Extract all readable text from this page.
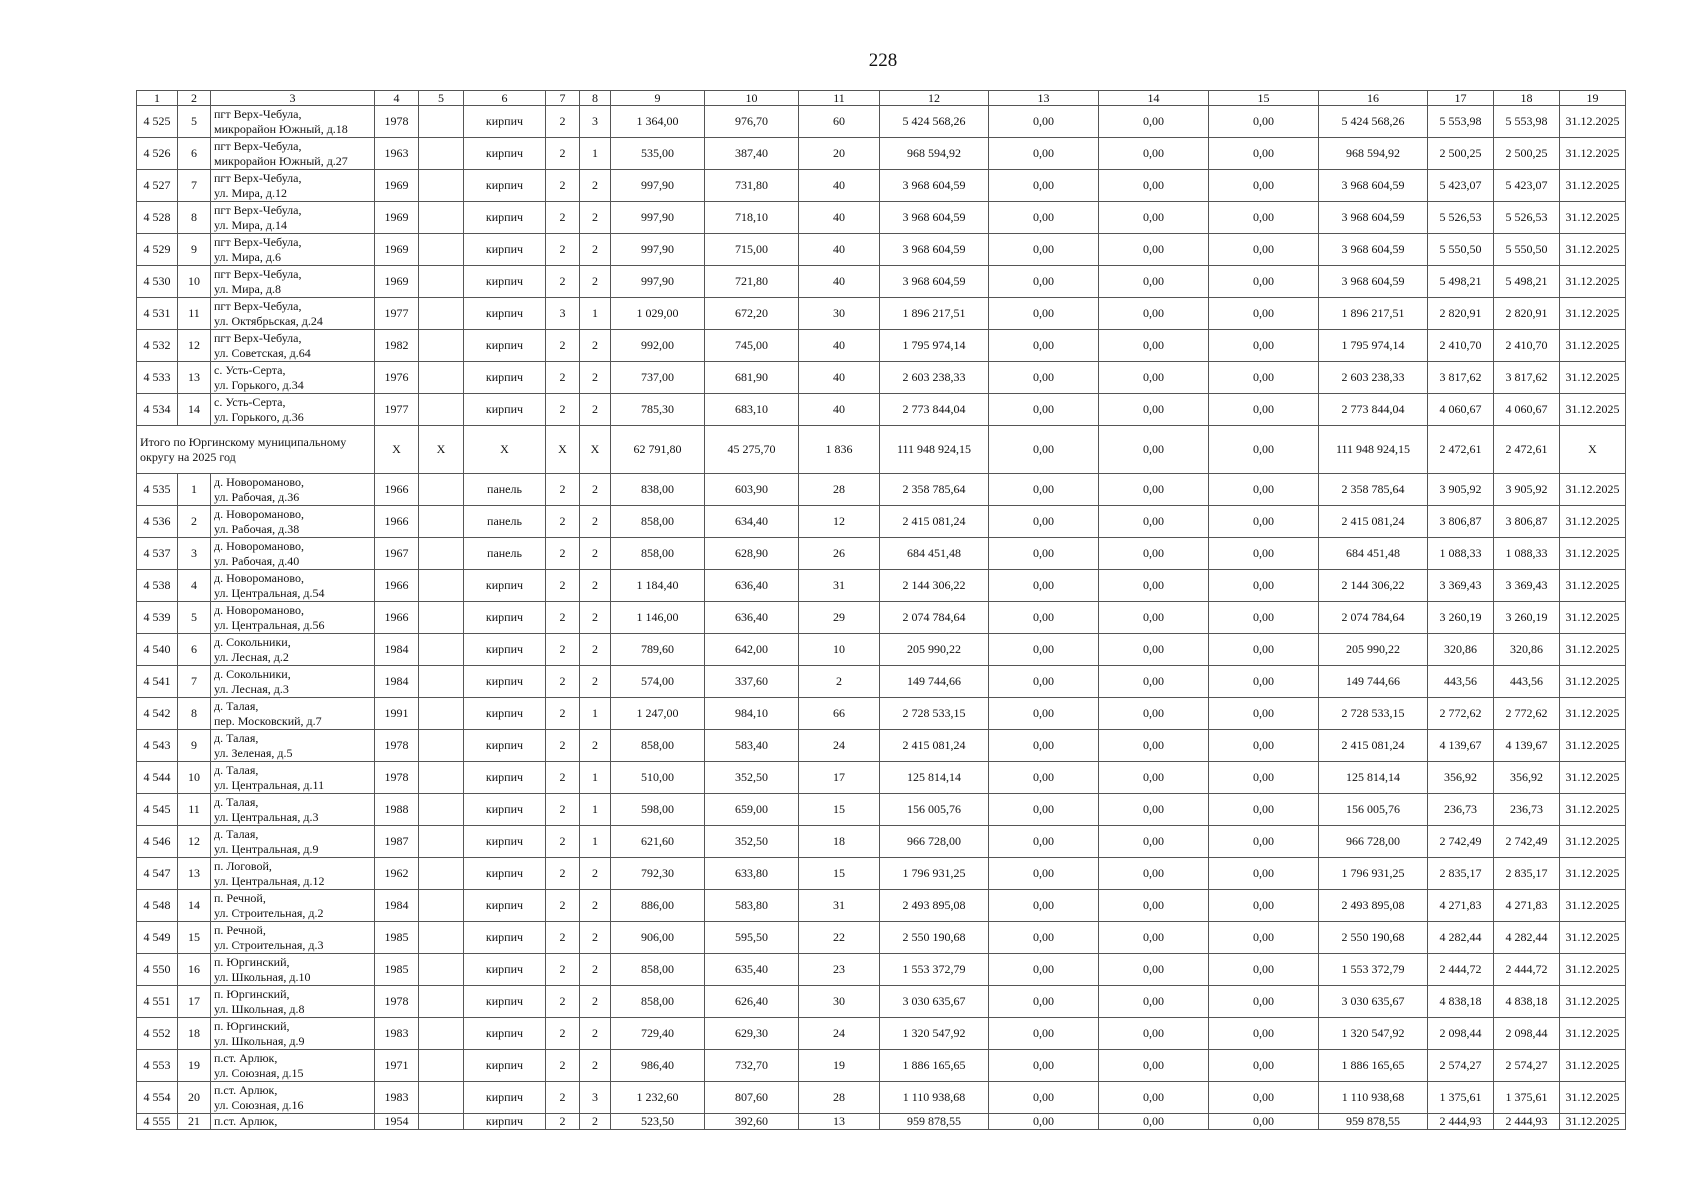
228
1	2	3	4	5	6	7	8	9	10	11	12	13	14	15	16	17	18	19
4 525	5	пгт Верх-Чебула,
микрорайон Южный, д.18	1978		кирпич	2	3	1 364,00	976,70	60	5 424 568,26	0,00	0,00	0,00	5 424 568,26	5 553,98	5 553,98	31.12.2025
4 526	6	пгт Верх-Чебула,
микрорайон Южный, д.27	1963		кирпич	2	1	535,00	387,40	20	968 594,92	0,00	0,00	0,00	968 594,92	2 500,25	2 500,25	31.12.2025
4 527	7	пгт Верх-Чебула,
ул. Мира, д.12	1969		кирпич	2	2	997,90	731,80	40	3 968 604,59	0,00	0,00	0,00	3 968 604,59	5 423,07	5 423,07	31.12.2025
4 528	8	пгт Верх-Чебула,
ул. Мира, д.14	1969		кирпич	2	2	997,90	718,10	40	3 968 604,59	0,00	0,00	0,00	3 968 604,59	5 526,53	5 526,53	31.12.2025
4 529	9	пгт Верх-Чебула,
ул. Мира, д.6	1969		кирпич	2	2	997,90	715,00	40	3 968 604,59	0,00	0,00	0,00	3 968 604,59	5 550,50	5 550,50	31.12.2025
4 530	10	пгт Верх-Чебула,
ул. Мира, д.8	1969		кирпич	2	2	997,90	721,80	40	3 968 604,59	0,00	0,00	0,00	3 968 604,59	5 498,21	5 498,21	31.12.2025
4 531	11	пгт Верх-Чебула,
ул. Октябрьская, д.24	1977		кирпич	3	1	1 029,00	672,20	30	1 896 217,51	0,00	0,00	0,00	1 896 217,51	2 820,91	2 820,91	31.12.2025
4 532	12	пгт Верх-Чебула,
ул. Советская, д.64	1982		кирпич	2	2	992,00	745,00	40	1 795 974,14	0,00	0,00	0,00	1 795 974,14	2 410,70	2 410,70	31.12.2025
4 533	13	с. Усть-Серта,
ул. Горького, д.34	1976		кирпич	2	2	737,00	681,90	40	2 603 238,33	0,00	0,00	0,00	2 603 238,33	3 817,62	3 817,62	31.12.2025
4 534	14	с. Усть-Серта,
ул. Горького, д.36	1977		кирпич	2	2	785,30	683,10	40	2 773 844,04	0,00	0,00	0,00	2 773 844,04	4 060,67	4 060,67	31.12.2025
Итого по Юргинскому муниципальному округу на 2025 год			X	X	X	X	X	62 791,80	45 275,70	1 836	111 948 924,15	0,00	0,00	0,00	111 948 924,15	2 472,61	2 472,61	X
4 535	1	д. Новороманово,
ул. Рабочая, д.36	1966		панель	2	2	838,00	603,90	28	2 358 785,64	0,00	0,00	0,00	2 358 785,64	3 905,92	3 905,92	31.12.2025
4 536	2	д. Новороманово,
ул. Рабочая, д.38	1966		панель	2	2	858,00	634,40	12	2 415 081,24	0,00	0,00	0,00	2 415 081,24	3 806,87	3 806,87	31.12.2025
4 537	3	д. Новороманово,
ул. Рабочая, д.40	1967		панель	2	2	858,00	628,90	26	684 451,48	0,00	0,00	0,00	684 451,48	1 088,33	1 088,33	31.12.2025
4 538	4	д. Новороманово,
ул. Центральная, д.54	1966		кирпич	2	2	1 184,40	636,40	31	2 144 306,22	0,00	0,00	0,00	2 144 306,22	3 369,43	3 369,43	31.12.2025
4 539	5	д. Новороманово,
ул. Центральная, д.56	1966		кирпич	2	2	1 146,00	636,40	29	2 074 784,64	0,00	0,00	0,00	2 074 784,64	3 260,19	3 260,19	31.12.2025
4 540	6	д. Сокольники,
ул. Лесная, д.2	1984		кирпич	2	2	789,60	642,00	10	205 990,22	0,00	0,00	0,00	205 990,22	320,86	320,86	31.12.2025
4 541	7	д. Сокольники,
ул. Лесная, д.3	1984		кирпич	2	2	574,00	337,60	2	149 744,66	0,00	0,00	0,00	149 744,66	443,56	443,56	31.12.2025
4 542	8	д. Талая,
пер. Московский, д.7	1991		кирпич	2	1	1 247,00	984,10	66	2 728 533,15	0,00	0,00	0,00	2 728 533,15	2 772,62	2 772,62	31.12.2025
4 543	9	д. Талая,
ул. Зеленая, д.5	1978		кирпич	2	2	858,00	583,40	24	2 415 081,24	0,00	0,00	0,00	2 415 081,24	4 139,67	4 139,67	31.12.2025
4 544	10	д. Талая,
ул. Центральная, д.11	1978		кирпич	2	1	510,00	352,50	17	125 814,14	0,00	0,00	0,00	125 814,14	356,92	356,92	31.12.2025
4 545	11	д. Талая,
ул. Центральная, д.3	1988		кирпич	2	1	598,00	659,00	15	156 005,76	0,00	0,00	0,00	156 005,76	236,73	236,73	31.12.2025
4 546	12	д. Талая,
ул. Центральная, д.9	1987		кирпич	2	1	621,60	352,50	18	966 728,00	0,00	0,00	0,00	966 728,00	2 742,49	2 742,49	31.12.2025
4 547	13	п. Логовой,
ул. Центральная, д.12	1962		кирпич	2	2	792,30	633,80	15	1 796 931,25	0,00	0,00	0,00	1 796 931,25	2 835,17	2 835,17	31.12.2025
4 548	14	п. Речной,
ул. Строительная, д.2	1984		кирпич	2	2	886,00	583,80	31	2 493 895,08	0,00	0,00	0,00	2 493 895,08	4 271,83	4 271,83	31.12.2025
4 549	15	п. Речной,
ул. Строительная, д.3	1985		кирпич	2	2	906,00	595,50	22	2 550 190,68	0,00	0,00	0,00	2 550 190,68	4 282,44	4 282,44	31.12.2025
4 550	16	п. Юргинский,
ул. Школьная, д.10	1985		кирпич	2	2	858,00	635,40	23	1 553 372,79	0,00	0,00	0,00	1 553 372,79	2 444,72	2 444,72	31.12.2025
4 551	17	п. Юргинский,
ул. Школьная, д.8	1978		кирпич	2	2	858,00	626,40	30	3 030 635,67	0,00	0,00	0,00	3 030 635,67	4 838,18	4 838,18	31.12.2025
4 552	18	п. Юргинский,
ул. Школьная, д.9	1983		кирпич	2	2	729,40	629,30	24	1 320 547,92	0,00	0,00	0,00	1 320 547,92	2 098,44	2 098,44	31.12.2025
4 553	19	п.ст. Арлюк,
ул. Союзная, д.15	1971		кирпич	2	2	986,40	732,70	19	1 886 165,65	0,00	0,00	0,00	1 886 165,65	2 574,27	2 574,27	31.12.2025
4 554	20	п.ст. Арлюк,
ул. Союзная, д.16	1983		кирпич	2	3	1 232,60	807,60	28	1 110 938,68	0,00	0,00	0,00	1 110 938,68	1 375,61	1 375,61	31.12.2025
4 555	21	п.ст. Арлюк,	1954		кирпич	2	2	523,50	392,60	13	959 878,55	0,00	0,00	0,00	959 878,55	2 444,93	2 444,93	31.12.2025
